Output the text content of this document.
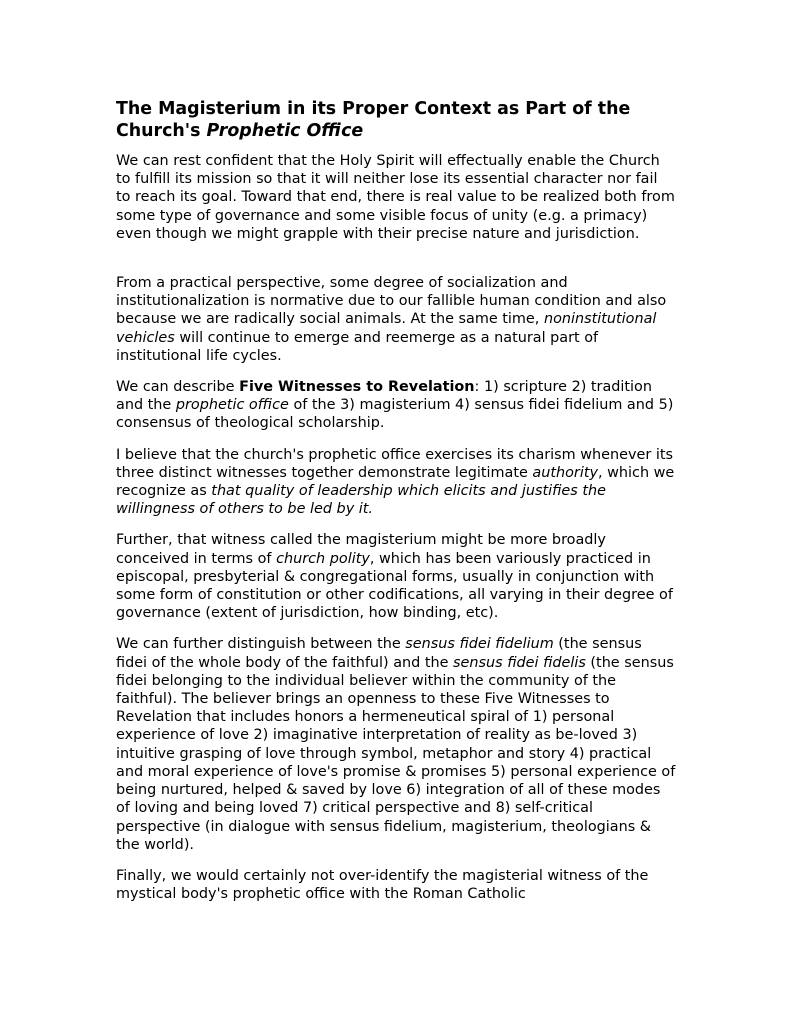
The Magisterium in its Proper Context as Part of the Church's Prophetic Office

We can rest confident that the Holy Spirit will effectually enable the Church to fulfill its mission so that it will neither lose its essential character nor fail to reach its goal. Toward that end, there is real value to be realized both from some type of governance and some visible focus of unity (e.g. a primacy) even though we might grapple with their precise nature and jurisdiction.

From a practical perspective, some degree of socialization and institutionalization is normative due to our fallible human condition and also because we are radically social animals. At the same time, noninstitutional vehicles will continue to emerge and reemerge as a natural part of institutional life cycles.

We can describe Five Witnesses to Revelation: 1) scripture 2) tradition and the prophetic office of the 3) magisterium 4) sensus fidei fidelium and 5) consensus of theological scholarship.

I believe that the church's prophetic office exercises its charism whenever its three distinct witnesses together demonstrate legitimate authority, which we recognize as that quality of leadership which elicits and justifies the willingness of others to be led by it.

Further, that witness called the magisterium might be more broadly conceived in terms of church polity, which has been variously practiced in episcopal, presbyterial & congregational forms, usually in conjunction with some form of constitution or other codifications, all varying in their degree of governance (extent of jurisdiction, how binding, etc).

We can further distinguish between the sensus fidei fidelium (the sensus fidei of the whole body of the faithful) and the sensus fidei fidelis (the sensus fidei belonging to the individual believer within the community of the faithful). The believer brings an openness to these Five Witnesses to Revelation that includes honors a hermeneutical spiral of 1) personal experience of love 2) imaginative interpretation of reality as be-loved 3) intuitive grasping of love through symbol, metaphor and story 4) practical and moral experience of love's promise & promises 5) personal experience of being nurtured, helped & saved by love 6) integration of all of these modes of loving and being loved 7) critical perspective and 8) self-critical perspective (in dialogue with sensus fidelium, magisterium, theologians & the world).

Finally, we would certainly not over-identify the magisterial witness of the mystical body's prophetic office with the Roman Catholic
